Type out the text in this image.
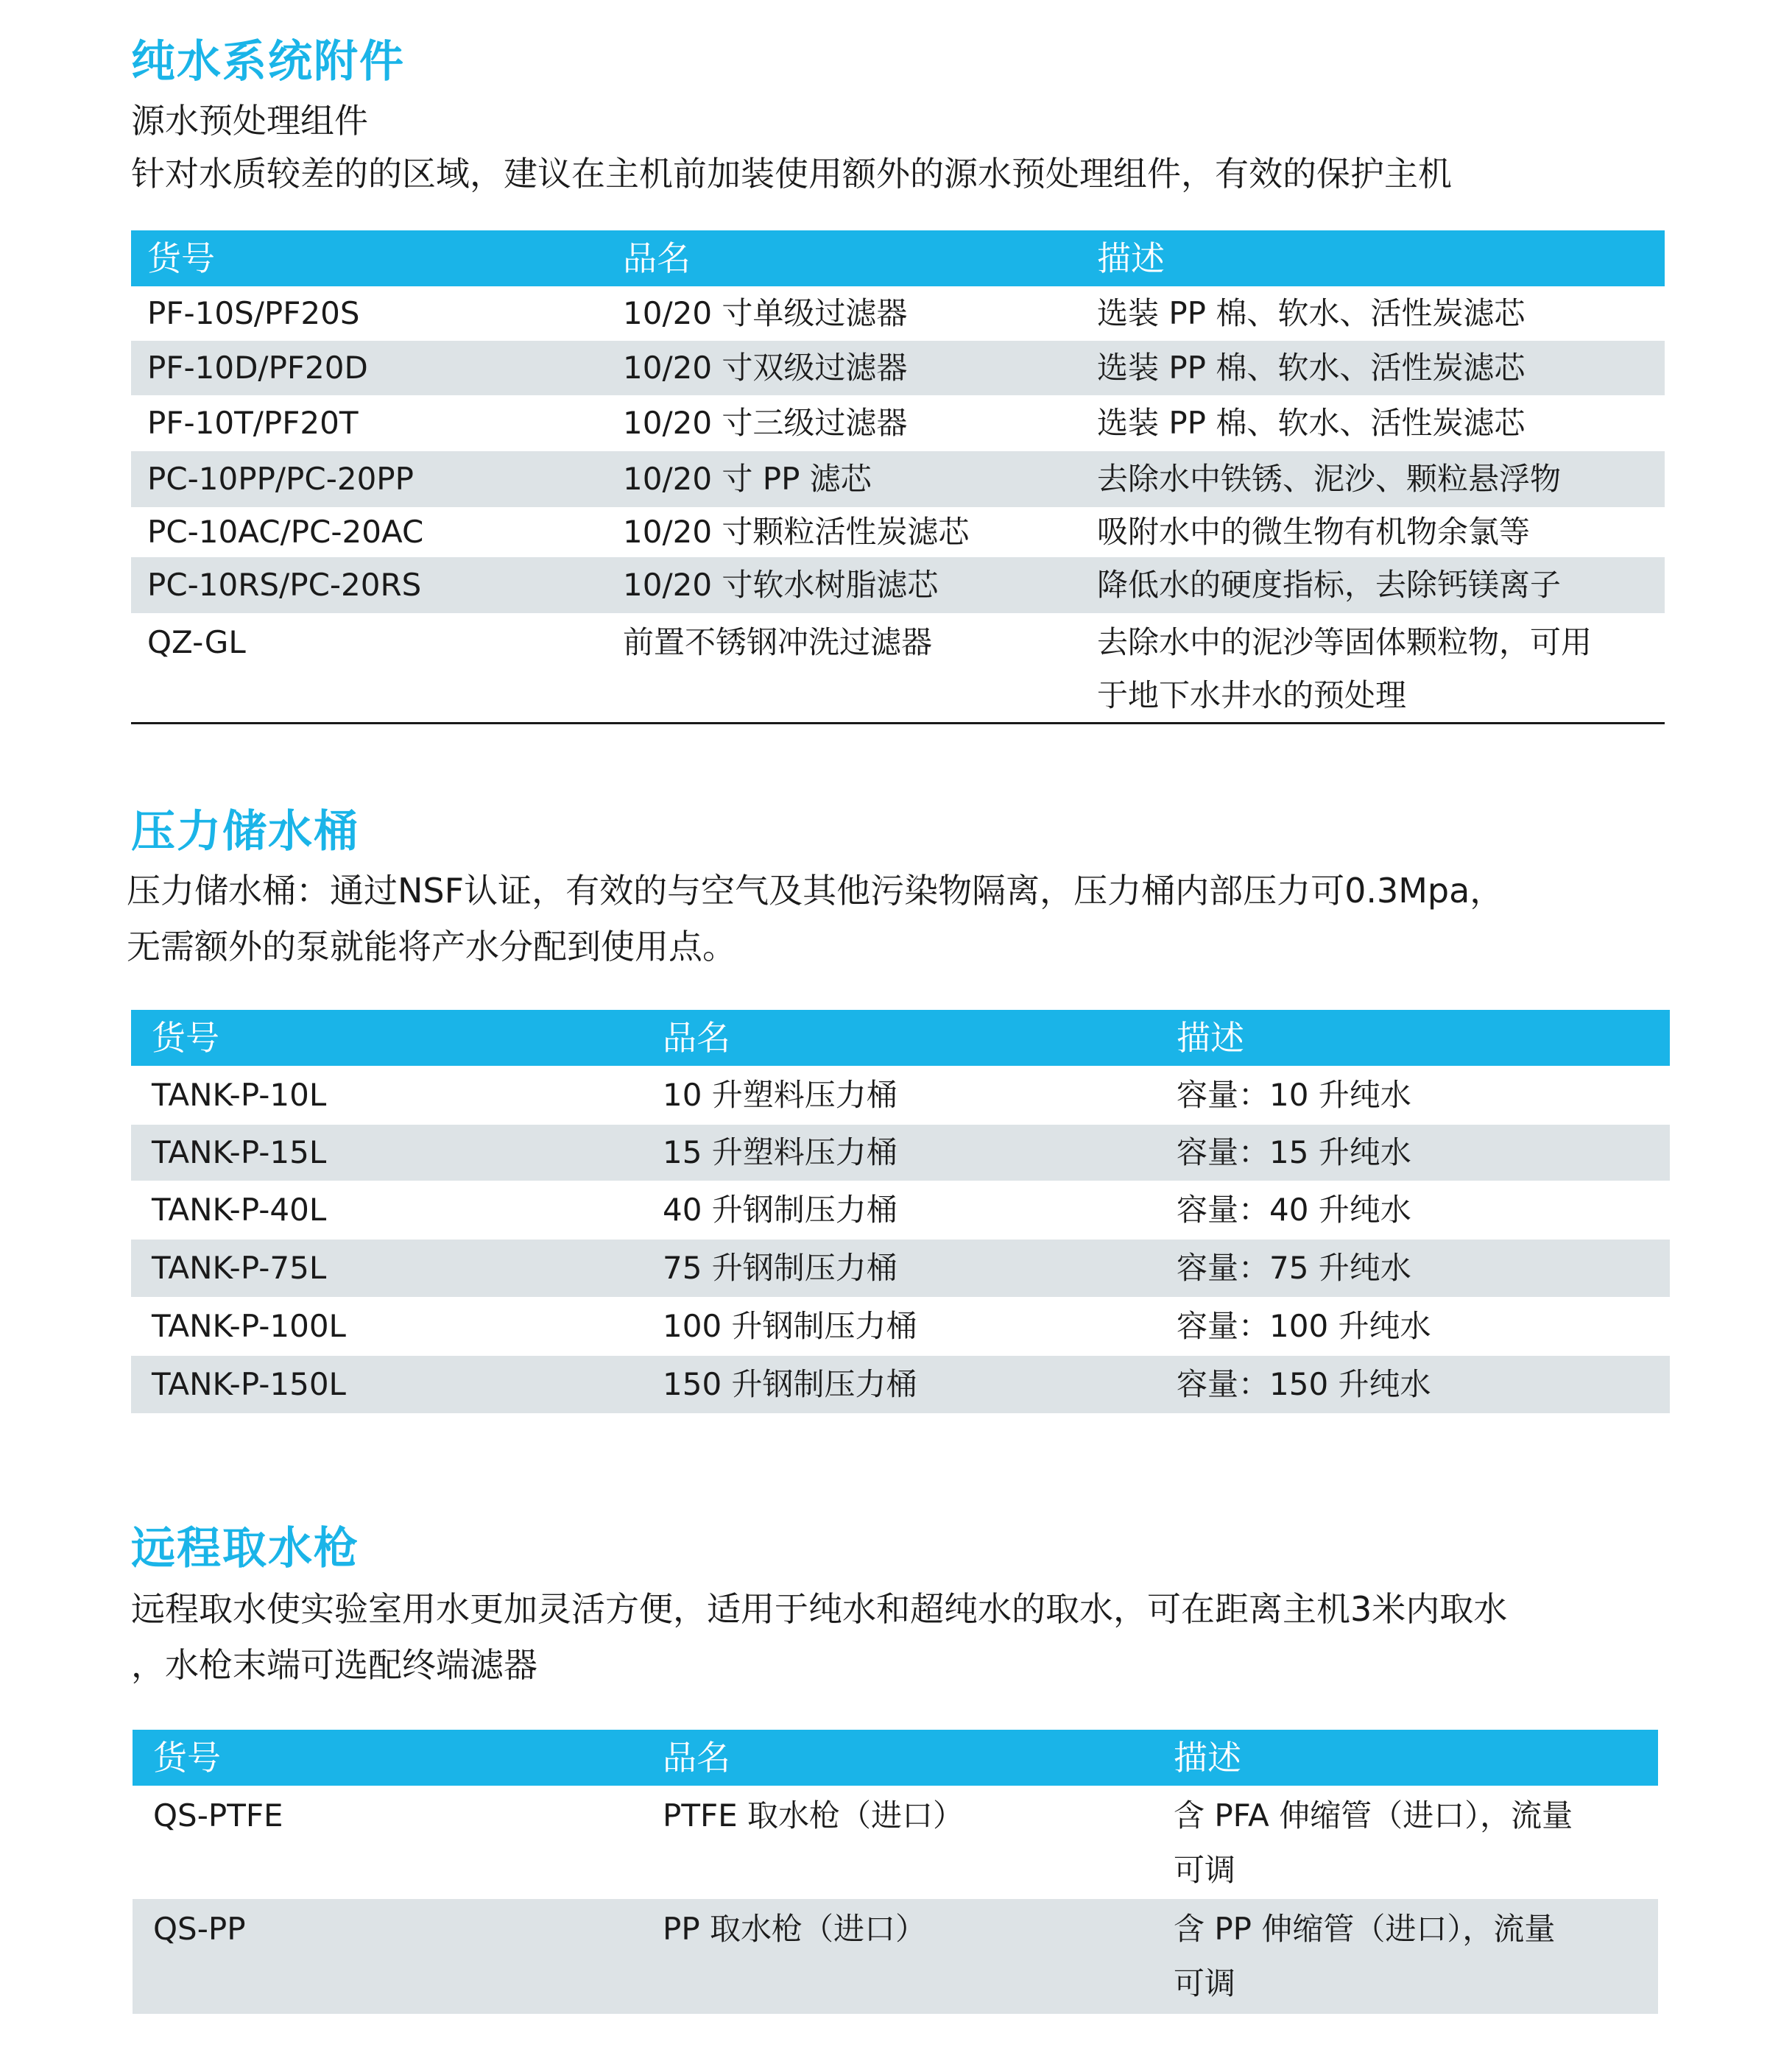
纯水系统附件

源水预处理组件

针对水质较差的的区域，建议在主机前加装使用额外的源水预处理组件，有效的保护主机

货号	品名	描述
PF-10S/PF20S	10/20 寸单级过滤器	选装 PP 棉、软水、活性炭滤芯
PF-10D/PF20D	10/20 寸双级过滤器	选装 PP 棉、软水、活性炭滤芯
PF-10T/PF20T	10/20 寸三级过滤器	选装 PP 棉、软水、活性炭滤芯
PC-10PP/PC-20PP	10/20 寸 PP 滤芯	去除水中铁锈、泥沙、颗粒悬浮物
PC-10AC/PC-20AC	10/20 寸颗粒活性炭滤芯	吸附水中的微生物有机物余氯等
PC-10RS/PC-20RS	10/20 寸软水树脂滤芯	降低水的硬度指标，去除钙镁离子
QZ-GL	前置不锈钢冲洗过滤器	去除水中的泥沙等固体颗粒物，可用
于地下水井水的预处理
压力储水桶

压力储水桶：通过NSF认证，有效的与空气及其他污染物隔离，压力桶内部压力可0.3Mpa，

无需额外的泵就能将产水分配到使用点。

货号	品名	描述
TANK-P-10L	10 升塑料压力桶	容量：10 升纯水
TANK-P-15L	15 升塑料压力桶	容量：15 升纯水
TANK-P-40L	40 升钢制压力桶	容量：40 升纯水
TANK-P-75L	75 升钢制压力桶	容量：75 升纯水
TANK-P-100L	100 升钢制压力桶	容量：100 升纯水
TANK-P-150L	150 升钢制压力桶	容量：150 升纯水
远程取水枪

远程取水使实验室用水更加灵活方便，适用于纯水和超纯水的取水，可在距离主机3米内取水

，水枪末端可选配终端滤器

货号	品名	描述
QS-PTFE	PTFE 取水枪（进口）	含 PFA 伸缩管（进口），流量
可调
QS-PP	PP 取水枪（进口）	含 PP 伸缩管（进口），流量
可调
